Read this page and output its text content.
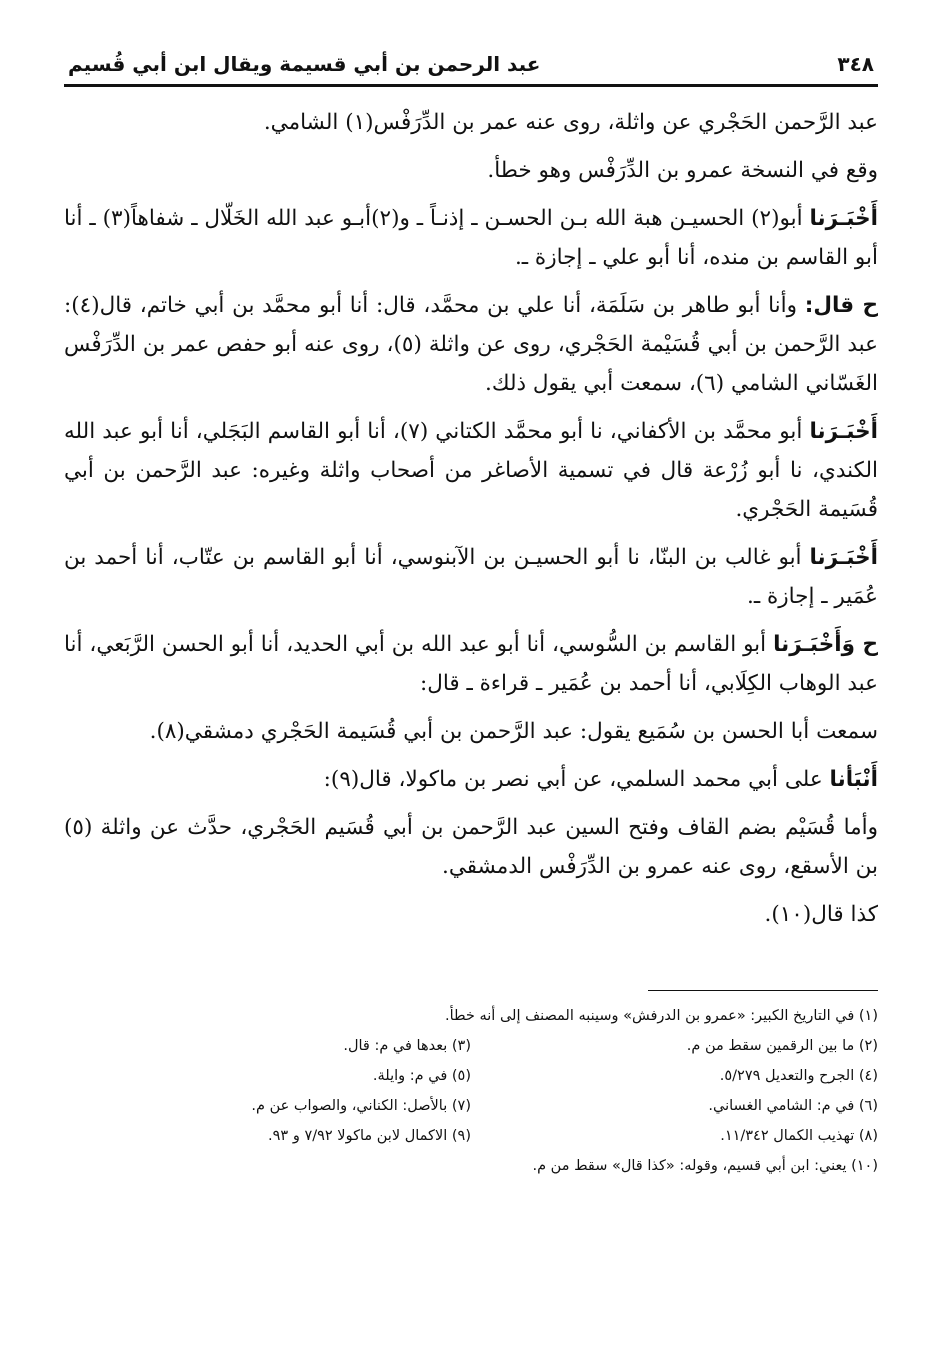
٣٤٨
عبد الرحمن بن أبي قسيمة ويقال ابن أبي قُسيم

عبد الرَّحمن الحَجْري عن واثلة، روى عنه عمر بن الدِّرَفْس(١) الشامي.

وقع في النسخة عمرو بن الدِّرَفْس وهو خطأ.

أَخْبَـرَنا أبو(٢) الحسيـن هبة الله بـن الحسـن ـ إذنـاً ـ و(٢)أبـو عبد الله الخَلّال ـ شفاهاً(٣) ـ أنا أبو القاسم بن منده، أنا أبو علي ـ إجازة ـ.

ح قال: وأنا أبو طاهر بن سَلَمَة، أنا علي بن محمَّد، قال: أنا أبو محمَّد بن أبي خاتم، قال(٤): عبد الرَّحمن بن أبي قُسَيْمة الحَجْري، روى عن واثلة (٥)، روى عنه أبو حفص عمر بن الدِّرَفْس الغَسّاني الشامي (٦)، سمعت أبي يقول ذلك.

أَخْبَـرَنا أبو محمَّد بن الأكفاني، نا أبو محمَّد الكتاني (٧)، أنا أبو القاسم البَجَلي، أنا أبو عبد الله الكندي، نا أبو زُرْعة قال في تسمية الأصاغر من أصحاب واثلة وغيره: عبد الرَّحمن بن أبي قُسَيمة الحَجْري.

أَخْبَـرَنا أبو غالب بن البنّا، نا أبو الحسيـن بن الآبنوسي، أنا أبو القاسم بن عتّاب، أنا أحمد بن عُمَير ـ إجازة ـ.

ح وَأَخْبَـرَنا أبو القاسم بن السُّوسي، أنا أبو عبد الله بن أبي الحديد، أنا أبو الحسن الرَّبَعي، أنا عبد الوهاب الكِلَابي، أنا أحمد بن عُمَير ـ قراءة ـ قال:

سمعت أبا الحسن بن سُمَيع يقول: عبد الرَّحمن بن أبي قُسَيمة الحَجْري دمشقي(٨).

أَنْبَأنا على أبي محمد السلمي، عن أبي نصر بن ماكولا، قال(٩):

وأما قُسَيْم بضم القاف وفتح السين عبد الرَّحمن بن أبي قُسَيم الحَجْري، حدَّث عن واثلة (٥) بن الأسقع، روى عنه عمرو بن الدِّرَفْس الدمشقي.

كذا قال(١٠).

(١) في التاريخ الكبير: «عمرو بن الدرفش» وسينبه المصنف إلى أنه خطأ.
(٢) ما بين الرقمين سقط من م.
(٣) بعدها في م: قال.
(٤) الجرح والتعديل ٥/٢٧٩.
(٥) في م: وايلة.
(٦) في م: الشامي الغساني.
(٧) بالأصل: الكناني، والصواب عن م.
(٨) تهذيب الكمال ١١/٣٤٢.
(٩) الاكمال لابن ماكولا ٧/٩٢ و ٩٣.
(١٠) يعني: ابن أبي قسيم، وقوله: «كذا قال» سقط من م.
